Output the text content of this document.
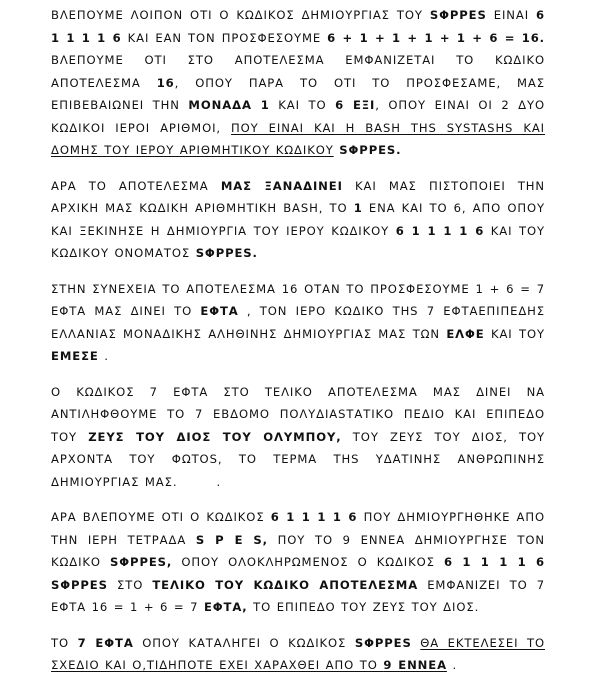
ΒΛΕΠΟΥΜΕ ΛΟΙΠΟΝ ΟΤΙ Ο ΚΩΔΙΚΟΣ ΔΗΜΙΟΥΡΓΙΑΣ ΤΟΥ SΦΡΡΕS ΕΙΝΑΙ 6 1 1 1 1 6 ΚΑΙ ΕΑΝ ΤΟΝ ΠΡΟΣΦΕΣΟΥΜΕ 6 + 1 + 1 + 1 + 1 + 6 = 16. ΒΛΕΠΟΥΜΕ ΟΤΙ ΣΤΟ ΑΠΟΤΕΛΕΣΜΑ ΕΜΦΑΝΙΖΕΤΑΙ ΤΟ ΚΩΔΙΚΟ ΑΠΟΤΕΛΕΣΜΑ 16, ΟΠΟΥ ΠΑΡΑ ΤΟ ΟΤΙ ΤΟ ΠΡΟΣΦΕΣΑΜΕ, ΜΑΣ ΕΠΙΒΕΒΑΙΩΝΕΙ ΤΗΝ ΜΟΝΑΔΑ 1 ΚΑΙ ΤΟ 6 ΕΞΙ, ΟΠΟΥ ΕΙΝΑΙ ΟΙ 2 ΔΥΟ ΚΩΔΙΚΟΙ ΙΕΡΟΙ ΑΡΙΘΜΟΙ, ΠΟΥ ΕΙΝΑΙ ΚΑΙ Η BASH THS SYSTASHS ΚΑΙ ΔΟΜΗΣ ΤΟΥ ΙΕΡΟΥ ΑΡΙΘΜΗΤΙΚΟΥ ΚΩΔΙΚΟΥ SΦΡΡΕS.

ΑΡΑ ΤΟ ΑΠΟΤΕΛΕΣΜΑ ΜΑΣ ΞΑΝΑΔΙΝΕΙ ΚΑΙ ΜΑΣ ΠΙΣΤΟΠΟΙΕΙ ΤΗΝ ΑΡΧΙΚΗ ΜΑΣ ΚΩΔΙΚΗ ΑΡΙΘΜΗΤΙΚΗ ΒΑSΗ, ΤΟ 1 ΕΝΑ ΚΑΙ ΤΟ 6, ΑΠΟ ΟΠΟΥ ΚΑΙ ΞΕΚΙΝΗΣΕ Η ΔΗΜΙΟΥΡΓΙΑ ΤΟΥ ΙΕΡΟΥ ΚΩΔΙΚΟΥ 6 1 1 1 1 6 ΚΑΙ ΤΟΥ ΚΩΔΙΚΟΥ ΟΝΟΜΑΤΟΣ SΦΡΡΕS.

ΣΤΗΝ ΣΥΝΕΧΕΙΑ ΤΟ ΑΠΟΤΕΛΕΣΜΑ 16 ΟΤΑΝ ΤΟ ΠΡΟΣΦΕΣΟΥΜΕ 1 + 6 = 7 ΕΦΤΑ ΜΑΣ ΔΙΝΕΙ ΤΟ ΕΦΤΑ , ΤΟΝ ΙΕΡΟ ΚΩΔΙΚΟ THS 7 ΕΦΤΑΕΠΙΠΕΔΗΣ ΕΛΛΑΝΙΑΣ ΜΟΝΑΔΙΚΗΣ ΑΛΗΘΙΝΗΣ ΔΗΜΙΟΥΡΓΙΑΣ ΜΑΣ ΤΩΝ ΕΛΦΕ ΚΑΙ ΤΟΥ ΕΜΕΣΕ .

Ο ΚΩΔΙΚΟΣ 7 ΕΦΤΑ ΣΤΟ ΤΕΛΙΚΟ ΑΠΟΤΕΛΕΣΜΑ ΜΑΣ ΔΙΝΕΙ ΝΑ ΑΝΤΙΛΗΦΘΟΥΜΕ ΤΟ 7 ΕΒΔΟΜΟ ΠΟΛΥΔΙΑSΤΑΤΙΚΟ ΠΕΔΙΟ ΚΑΙ ΕΠΙΠΕΔΟ ΤΟΥ ΖΕΥΣ ΤΟΥ ΔΙΟΣ ΤΟΥ ΟΛΥΜΠΟΥ, ΤΟΥ ΖΕΥΣ ΤΟΥ ΔΙΟΣ, ΤΟΥ ΑΡΧΟΝΤΑ ΤΟΥ ΦΩΤOS, ΤΟ ΤΕΡΜΑ THS ΥΔΑΤΙΝΗΣ ΑΝΘΡΩΠΙΝΗΣ ΔΗΜΙΟΥΡΓΙΑΣ ΜΑΣ.       .

ΑΡΑ ΒΛΕΠΟΥΜΕ ΟΤΙ Ο ΚΩΔΙΚΟΣ 6 1 1 1 1 6 ΠΟΥ ΔΗΜΙΟΥΡΓΗΘΗΚΕ ΑΠΟ ΤΗΝ ΙΕΡΗ ΤΕΤΡΑΔΑ S Ρ Ε S, ΠΟΥ ΤΟ 9 ΕΝΝΕΑ ΔΗΜΙΟΥΡΓΗΣΕ ΤΟΝ ΚΩΔΙΚΟ SΦΡΡΕS, ΟΠΟΥ ΟΛΟΚΛΗΡΩΜΕΝΟΣ Ο ΚΩΔΙΚΟΣ 6 1 1 1 1 6 SΦΡΡΕS ΣΤΟ ΤΕΛΙΚΟ ΤΟΥ ΚΩΔΙΚΟ ΑΠΟΤΕΛΕΣΜΑ ΕΜΦΑΝΙΖΕΙ ΤΟ 7 ΕΦΤΑ 16 = 1 + 6 = 7 ΕΦΤΑ, ΤΟ ΕΠΙΠΕΔΟ ΤΟΥ ΖΕΥΣ ΤΟΥ ΔΙΟΣ.

ΤΟ 7 ΕΦΤΑ ΟΠΟΥ ΚΑΤΑΛΗΓΕΙ Ο ΚΩΔΙΚΟΣ SΦΡΡΕS ΘΑ ΕΚΤΕΛΕΣΕΙ ΤΟ ΣΧΕΔΙΟ ΚΑΙ Ο,ΤΙΔΗΠΟΤΕ ΕΧΕΙ ΧΑΡΑΧΘΕΙ ΑΠΟ ΤΟ 9 ΕΝΝΕΑ .
